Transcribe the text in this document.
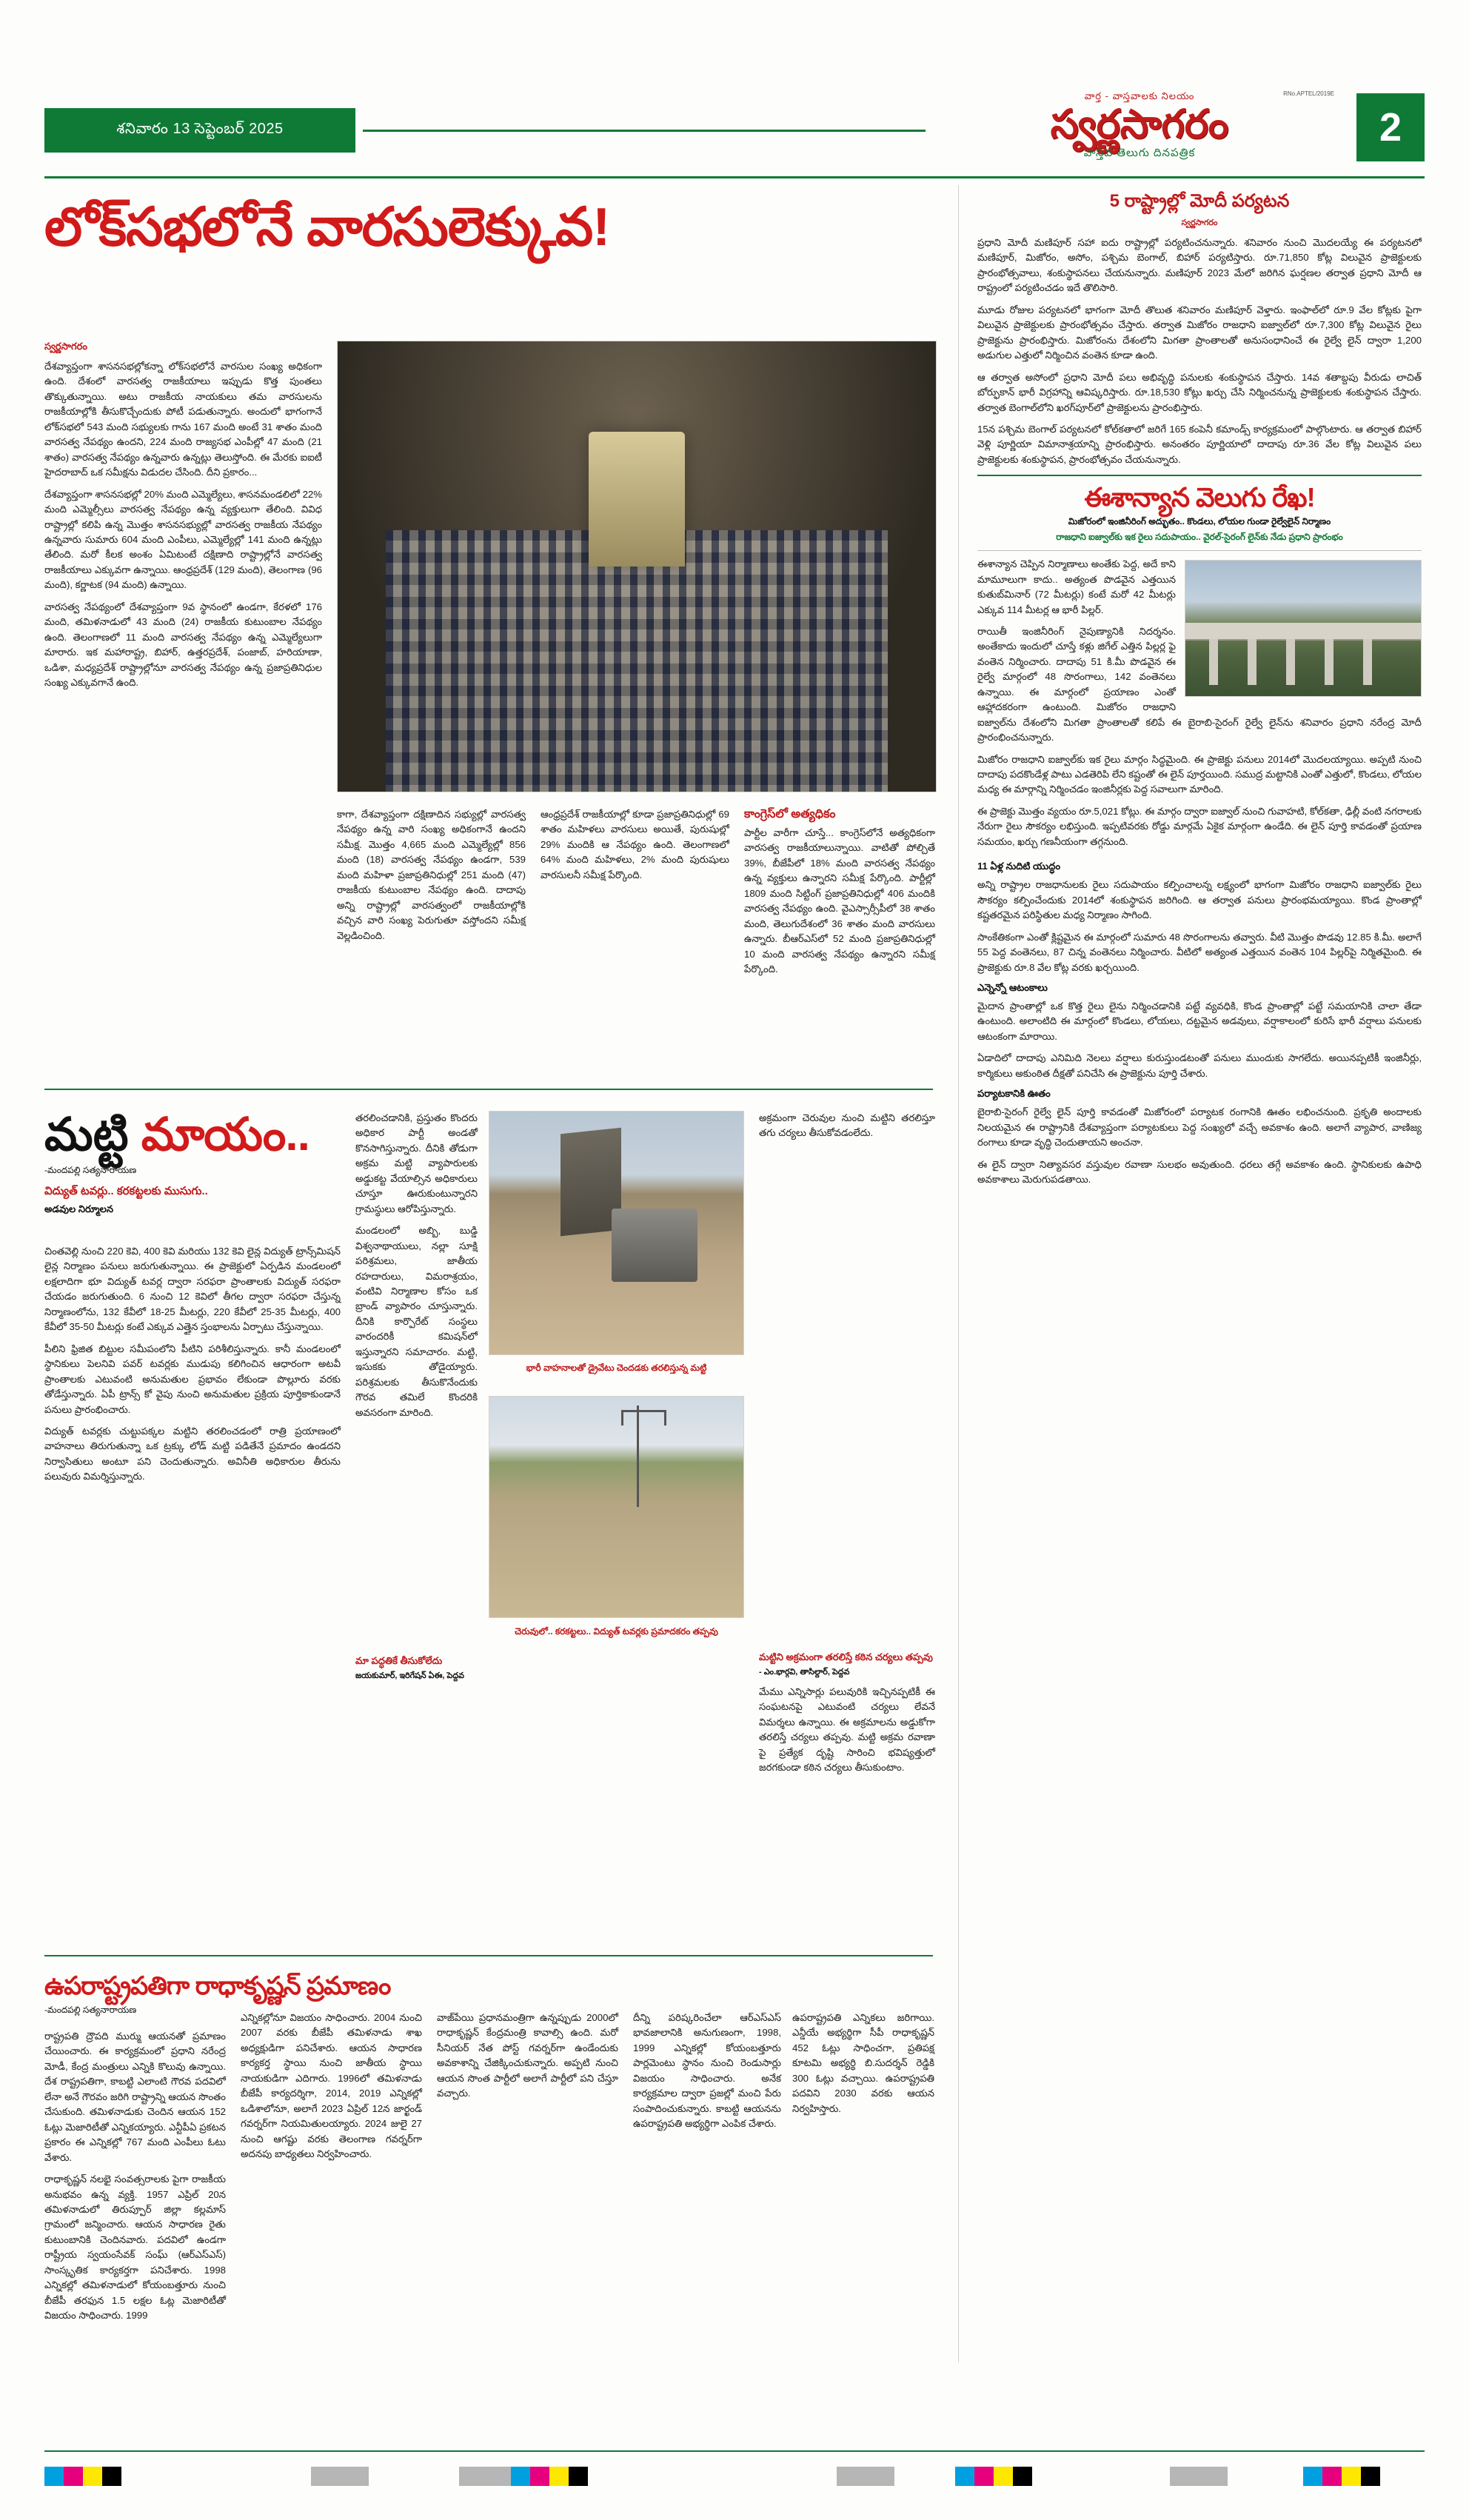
శనివారం 13 సెప్టెంబర్ 2025
RNo.APTEL/2019E
వార్త - వాస్తవాలకు నిలయం
స్వర్ణసాగరం
వాస్తవ తెలుగు దినపత్రిక
2
లోక్‌సభలోనే వారసులెక్కువ!
స్వర్ణసాగరం

దేశవ్యాప్తంగా శాసనసభల్లోకన్నా లోక్‌సభలోనే వారసుల సంఖ్య అధికంగా ఉంది. దేశంలో వారసత్వ రాజకీయాలు ఇప్పుడు కొత్త పుంతలు తొక్కుతున్నాయి. అటు రాజకీయ నాయకులు తమ వారసులను రాజకీయాల్లోకి తీసుకొచ్చేందుకు పోటీ పడుతున్నారు. అందులో భాగంగానే లోక్‌సభలో 543 మంది సభ్యులకు గాను 167 మంది అంటే 31 శాతం మంది వారసత్వ నేపథ్యం ఉందని, 224 మంది రాజ్యసభ ఎంపీల్లో 47 మంది (21 శాతం) వారసత్వ నేపథ్యం ఉన్నవారు ఉన్నట్లు తెలుస్తోంది. ఈ మేరకు ఐఐటీ హైదరాబాద్ ఒక సమీక్షను విడుదల చేసింది. దీని ప్రకారం...

దేశవ్యాప్తంగా శాసనసభల్లో 20% మంది ఎమ్మెల్యేలు, శాసనమండలిలో 22% మంది ఎమ్మెల్సీలు వారసత్వ నేపథ్యం ఉన్న వ్యక్తులుగా తేలింది. వివిధ రాష్ట్రాల్లో కలిపి ఉన్న మొత్తం శాసనసభ్యుల్లో వారసత్వ రాజకీయ నేపథ్యం ఉన్నవారు సుమారు 604 మంది ఎంపీలు, ఎమ్మెల్యేల్లో 141 మంది ఉన్నట్లు తేలింది. మరో కీలక అంశం ఏమిటంటే దక్షిణాది రాష్ట్రాల్లోనే వారసత్వ రాజకీయాలు ఎక్కువగా ఉన్నాయి. ఆంధ్రప్రదేశ్ (129 మంది), తెలంగాణ (96 మంది), కర్ణాటక (94 మంది) ఉన్నాయి.

వారసత్వ నేపథ్యంలో దేశవ్యాప్తంగా 9వ స్థానంలో ఉండగా, కేరళలో 176 మంది, తమిళనాడులో 43 మంది (24) రాజకీయ కుటుంబాల నేపథ్యం ఉంది. తెలంగాణలో 11 మంది వారసత్వ నేపథ్యం ఉన్న ఎమ్మెల్యేలుగా మారారు. ఇక మహారాష్ట్ర, బిహార్, ఉత్తరప్రదేశ్, పంజాబ్, హరియాణా, ఒడిశా, మధ్యప్రదేశ్ రాష్ట్రాల్లోనూ వారసత్వ నేపథ్యం ఉన్న ప్రజాప్రతినిధుల సంఖ్య ఎక్కువగానే ఉంది.

కాగా, దేశవ్యాప్తంగా దక్షిణాదిన సభ్యుల్లో వారసత్వ నేపథ్యం ఉన్న వారి సంఖ్య అధికంగానే ఉందని సమీక్ష. మొత్తం 4,665 మంది ఎమ్మెల్యేల్లో 856 మంది (18) వారసత్వ నేపథ్యం ఉండగా, 539 మంది మహిళా ప్రజాప్రతినిధుల్లో 251 మంది (47) రాజకీయ కుటుంబాల నేపథ్యం ఉంది. దాదాపు అన్ని రాష్ట్రాల్లో వారసత్వంలో రాజకీయాల్లోకి వచ్చిన వారి సంఖ్య పెరుగుతూ వస్తోందని సమీక్ష వెల్లడించింది.

ఆంధ్రప్రదేశ్ రాజకీయాల్లో కూడా ప్రజాప్రతినిధుల్లో 69 శాతం మహిళలు వారసులు అయితే, పురుషుల్లో 29% మందికి ఆ నేపథ్యం ఉంది. తెలంగాణలో 64% మంది మహిళలు, 2% మంది పురుషులు వారసులనీ సమీక్ష పేర్కొంది.

కాంగ్రెస్‌లో అత్యధికం

పార్టీల వారీగా చూస్తే... కాంగ్రెస్‌లోనే అత్యధికంగా వారసత్వ రాజకీయాలున్నాయి. వాటితో పోల్చితే 39%, బీజేపీలో 18% మంది వారసత్వ నేపథ్యం ఉన్న వ్యక్తులు ఉన్నారని సమీక్ష పేర్కొంది. పార్టీల్లో 1809 మంది సిట్టింగ్ ప్రజాప్రతినిధుల్లో 406 మందికి వారసత్వ నేపథ్యం ఉంది. వైఎస్సార్సీపీలో 38 శాతం మంది, తెలుగుదేశంలో 36 శాతం మంది వారసులు ఉన్నారు. బీఆర్ఎస్‌లో 52 మంది ప్రజాప్రతినిధుల్లో 10 మంది వారసత్వ నేపథ్యం ఉన్నారని సమీక్ష పేర్కొంది.

మట్టి మాయం..
-మందపల్లి సత్యనారాయణ
విద్యుత్ టవర్లు.. కరకట్టలకు ముసుగు..
అడవుల నిర్మూలన
భారీ వాహనాలతో డ్రైవేటు చెందడకు తరలిస్తున్న మట్టి
చెరువులో.. కరకట్టలు.. విద్యుత్ టవర్లకు ప్రమాదకరం తప్పవు

చింతవెల్లి నుంచి 220 కెవి, 400 కెవి మరియు 132 కెవి లైన్ల విద్యుత్ ట్రాన్స్‌మిషన్ లైన్ల నిర్మాణం పనులు జరుగుతున్నాయి. ఈ ప్రాజెక్టులో ఏర్పడిన మండలంలో లక్షలాదిగా భూ విద్యుత్ టవర్ల ద్వారా సరఫరా ప్రాంతాలకు విద్యుత్ సరఫరా చేయడం జరుగుతుంది. 6 నుంచి 12 కెవిలో తీగల ద్వారా సరఫరా చేస్తున్న నిర్మాణంలోను, 132 కేవీలో 18-25 మీటర్లు, 220 కేవీలో 25-35 మీటర్లు, 400 కేవీలో 35-50 మీటర్లు కంటే ఎక్కువ ఎత్తైన స్తంభాలను ఏర్పాటు చేస్తున్నాయి.

పీలిని ఫ్రిజిత బిట్టుల సమీపంలోని పీటిని పరిశీలిస్తున్నారు. కానీ మండలంలో స్థానికులు పెలనివి పవర్ టవర్లకు ముడుపు కలిగించిన ఆధారంగా అటవీ ప్రాంతాలకు ఎటువంటి అనుమతుల ప్రభావం లేకుండా పొల్లూరు వరకు తోడేస్తున్నారు. ఏపీ ట్రాన్స్ కో వైపు నుంచి అనుమతుల ప్రక్రియ పూర్తికాకుండానే పనులు ప్రారంభించారు.

విద్యుత్ టవర్లకు చుట్టుపక్కల మట్టిని తరలించడంలో రాత్రి ప్రయాణంలో వాహనాలు తిరుగుతున్నా ఒక ట్రక్కు లోడ్ మట్టి పడితేనే ప్రమాదం ఉండదని నిర్వాసితులు అంటూ పని చెందుతున్నారు. అవినీతి అధికారుల తీరును పలువురు విమర్శిస్తున్నారు.

తరలించడానికి, ప్రస్తుతం కొందరు అధికార పార్టీ అండతో కొనసాగిస్తున్నారు. దీనికి తోడుగా అక్రమ మట్టి వ్యాపారులకు అడ్డుకట్ట వేయాల్సిన అధికారులు చూస్తూ ఊరుకుంటున్నారని గ్రామస్థులు ఆరోపిస్తున్నారు.

మండలంలో అబ్బి, బుడ్డి విశ్వనాథాయులు, నల్లా సూక్షి పరిశ్రమలు, జాతీయ రహదారులు, విమరాశ్రయం, వంటివి నిర్మాణాల కోసం ఒక బ్రాండ్ వ్యాపారం చూస్తున్నారు. దీనికి కార్పొరేట్ సంస్థలు వారందరికీ కమిషన్‌లో ఇస్తున్నారని సమాచారం. మట్టి, ఇసుకకు తోడైయ్యారు. పరిశ్రమలకు తీసుకొనేందుకు గౌరవ తమిలే కొందరికి అవసరంగా మారింది.

అక్రమంగా చెరువుల నుంచి మట్టిని తరలిస్తూ తగు చర్యలు తీసుకోవడంలేదు.

మట్టిని అక్రమంగా తరలిస్తే కఠిన చర్యలు తప్పవు
- ఎం.భార్గవి, తాసిల్దార్, పెద్దవ

మేము ఎన్నిసార్లు పలువురికి ఇచ్చినప్పటికీ ఈ సంఘటనపై ఎటువంటి చర్యలు లేవనే విమర్శలు ఉన్నాయి. ఈ అక్రమాలను అడ్డుకోగా తరలిస్తే చర్యలు తప్పవు. మట్టి అక్రమ రవాణా పై ప్రత్యేక దృష్టి సారించి భవిష్యత్తులో జరగకుండా కఠిన చర్యలు తీసుకుంటాం.

మా పద్ధతికే తీసుకోలేదు
జయకుమార్, ఇరిగేషన్ ఏఈ, పెద్దవ
ఉపరాష్ట్రపతిగా రాధాకృష్ణన్ ప్రమాణం
-మందపల్లి సత్యనారాయణ

రాష్ట్రపతి ద్రౌపది ముర్ము ఆయనతో ప్రమాణం చేయించారు. ఈ కార్యక్రమంలో ప్రధాని నరేంద్ర మోడీ, కేంద్ర మంత్రులు ఎన్నికి కొలువు ఉన్నాయి. దేశ రాష్ట్రపతిగా, కాబట్టి ఎలాంటి గౌరవ పదవిలో లేనా అనే గౌరవం జరిగి రాష్ట్రాన్ని ఆయన సొంతం చేసుకుంది. తమిళనాడుకు చెందిన ఆయన 152 ఓట్లు మెజారిటీతో ఎన్నికయ్యారు. ఎన్టీపీఏ ప్రకటన ప్రకారం ఈ ఎన్నికల్లో 767 మంది ఎంపీలు ఓటు వేశారు.

రాధాకృష్ణన్ నలభై సంవత్సరాలకు పైగా రాజకీయ అనుభవం ఉన్న వ్యక్తి. 1957 ఎప్రిల్ 20న తమిళనాడులో తిరుప్పూర్ జిల్లా కల్లమాస్ గ్రామంలో జన్మించారు. ఆయన సాధారణ రైతు కుటుంబానికి చెందినవారు. పదవిలో ఉండగా రాష్ట్రీయ స్వయంసేవక్ సంఘ్ (ఆర్ఎస్ఎస్) సాంస్కృతిక కార్యకర్తగా పనిచేశారు. 1998 ఎన్నికల్లో తమిళనాడులో కోయంబత్తూరు నుంచి బీజేపీ తరఫున 1.5 లక్షల ఓట్ల మెజారిటీతో విజయం సాధించారు. 1999

ఎన్నికల్లోనూ విజయం సాధించారు. 2004 నుంచి 2007 వరకు బీజేపీ తమిళనాడు శాఖ అధ్యక్షుడిగా పనిచేశారు. ఆయన సాధారణ కార్యకర్త స్థాయి నుంచి జాతీయ స్థాయి నాయకుడిగా ఎదిగారు. 1996లో తమిళనాడు బీజేపీ కార్యదర్శిగా, 2014, 2019 ఎన్నికల్లో ఒడిశాలోనూ, అలాగే 2023 ఏప్రిల్ 12న జార్ఖండ్ గవర్నర్‌గా నియమితులయ్యారు. 2024 జులై 27 నుంచి ఆగష్టు వరకు తెలంగాణ గవర్నర్‌గా అదనపు బాధ్యతలు నిర్వహించారు.

వాజ్‌పేయి ప్రధానమంత్రిగా ఉన్నప్పుడు 2000లో రాధాకృష్ణన్ కేంద్రమంత్రి కావాల్సి ఉంది. మరో సీనియర్ నేత పోస్ట్ గవర్నర్‌గా ఉండేందుకు అవకాశాన్ని చేజిక్కించుకున్నారు. అప్పటి నుంచి ఆయన సొంత పార్టీలో అలాగే పార్టీలో పని చేస్తూ వచ్చారు.

దీన్ని పరిష్కరించేలా ఆర్ఎస్ఎస్ భావజాలానికి అనుగుణంగా, 1998, 1999 ఎన్నికల్లో కోయంబత్తూరు పార్లమెంటు స్థానం నుంచి రెండుసార్లు విజయం సాధించారు. అనేక కార్యక్రమాల ద్వారా ప్రజల్లో మంచి పేరు సంపాదించుకున్నారు. కాబట్టి ఆయనను ఉపరాష్ట్రపతి అభ్యర్థిగా ఎంపిక చేశారు.

ఉపరాష్ట్రపతి ఎన్నికలు జరిగాయి. ఎన్డీయే అభ్యర్థిగా సీపీ రాధాకృష్ణన్ 452 ఓట్లు సాధించగా, ప్రతిపక్ష కూటమి అభ్యర్థి బి.సుదర్శన్ రెడ్డికి 300 ఓట్లు వచ్చాయి. ఉపరాష్ట్రపతి పదవిని 2030 వరకు ఆయన నిర్వహిస్తారు.

5 రాష్ట్రాల్లో మోదీ పర్యటన
స్వర్ణసాగరం

ప్రధాని మోదీ మణిపూర్ సహా ఐదు రాష్ట్రాల్లో పర్యటించనున్నారు. శనివారం నుంచి మొదలయ్యే ఈ పర్యటనలో మణిపూర్, మిజోరం, అసోం, పశ్చిమ బెంగాల్, బిహార్ పర్యటిస్తారు. రూ.71,850 కోట్ల విలువైన ప్రాజెక్టులకు ప్రారంభోత్సవాలు, శంకుస్థాపనలు చేయనున్నారు. మణిపూర్ 2023 మేలో జరిగిన ఘర్షణల తర్వాత ప్రధాని మోదీ ఆ రాష్ట్రంలో పర్యటించడం ఇదే తొలిసారి.

మూడు రోజుల పర్యటనలో భాగంగా మోదీ తొలుత శనివారం మణిపూర్ వెళ్తారు. ఇంఫాల్‌లో రూ.9 వేల కోట్లకు పైగా విలువైన ప్రాజెక్టులకు ప్రారంభోత్సవం చేస్తారు. తర్వాత మిజోరం రాజధాని ఐజ్వాల్‌లో రూ.7,300 కోట్ల విలువైన రైలు ప్రాజెక్టును ప్రారంభిస్తారు. మిజోరంను దేశంలోని మిగతా ప్రాంతాలతో అనుసంధానించే ఈ రైల్వే లైన్ ద్వారా 1,200 అడుగుల ఎత్తులో నిర్మించిన వంతెన కూడా ఉంది.

ఆ తర్వాత అసోంలో ప్రధాని మోదీ పలు అభివృద్ధి పనులకు శంకుస్థాపన చేస్తారు. 14వ శతాబ్దపు వీరుడు లాచిత్ బోర్ఫుకాన్ భారీ విగ్రహాన్ని ఆవిష్కరిస్తారు. రూ.18,530 కోట్లు ఖర్చు చేసి నిర్మించనున్న ప్రాజెక్టులకు శంకుస్థాపన చేస్తారు. తర్వాత బెంగాల్‌లోని ఖరగ్‌పూర్‌లో ప్రాజెక్టులను ప్రారంభిస్తారు.

15న పశ్చిమ బెంగాల్ పర్యటనలో కోల్‌కతాలో జరిగే 165 కంపెనీ కమాండ్స్ కార్యక్రమంలో పాల్గొంటారు. ఆ తర్వాత బిహార్ వెళ్లి పూర్ణియా విమానాశ్రయాన్ని ప్రారంభిస్తారు. అనంతరం పూర్ణియాలో దాదాపు రూ.36 వేల కోట్ల విలువైన పలు ప్రాజెక్టులకు శంకుస్థాపన, ప్రారంభోత్సవం చేయనున్నారు.

ఈశాన్యాన వెలుగు రేఖ!
మిజోరంలో ఇంజినీరింగ్ అద్భుతం.. కొండలు, లోయల గుండా రైల్వేలైన్ నిర్మాణం
రాజధాని ఐజ్వాల్‌కు ఇక రైలు సదుపాయం.. వైరల్-సైరంగ్ లైన్‌కు నేడు ప్రధాని ప్రారంభం

ఈశాన్యాన చెప్పిన నిర్మాణాలు అంతేకు పెద్ద, అదే కాని మామూలుగా కాదు.. అత్యంత పొడవైన ఎత్తయిన కుతుబ్‌మినార్ (72 మీటర్లు) కంటే మరో 42 మీటర్లు ఎక్కువ 114 మీటర్ల ఆ భారీ పిల్లర్.

రాయితీ ఇంజినీరింగ్ నైపుణ్యానికి నిదర్శనం. అంతేకాదు ఇందులో చూస్తే కళ్లు జిగేల్ ఎత్తిన పిల్లర్ల ఫై వంతెన నిర్మించారు. దాదాపు 51 కి.మీ పొడవైన ఈ రైల్వే మార్గంలో 48 సొరంగాలు, 142 వంతెనలు ఉన్నాయి. ఈ మార్గంలో ప్రయాణం ఎంతో ఆహ్లాదకరంగా ఉంటుంది. మిజోరం రాజధాని ఐజ్వాల్‌ను దేశంలోని మిగతా ప్రాంతాలతో కలిపే ఈ బైరాబి-సైరంగ్ రైల్వే లైన్‌ను శనివారం ప్రధాని నరేంద్ర మోదీ ప్రారంభించనున్నారు.

మిజోరం రాజధాని ఐజ్వాల్‌కు ఇక రైలు మార్గం సిద్ధమైంది. ఈ ప్రాజెక్టు పనులు 2014లో మొదలయ్యాయి. అప్పటి నుంచి దాదాపు పదకొండేళ్ల పాటు ఎడతెరిపి లేని కష్టంతో ఈ లైన్ పూర్తయింది. సముద్ర మట్టానికి ఎంతో ఎత్తులో, కొండలు, లోయల మధ్య ఈ మార్గాన్ని నిర్మించడం ఇంజినీర్లకు పెద్ద సవాలుగా మారింది.

ఈ ప్రాజెక్టు మొత్తం వ్యయం రూ.5,021 కోట్లు. ఈ మార్గం ద్వారా ఐజ్వాల్ నుంచి గువాహటి, కోల్‌కతా, ఢిల్లీ వంటి నగరాలకు నేరుగా రైలు సౌకర్యం లభిస్తుంది. ఇప్పటివరకు రోడ్డు మార్గమే ఏకైక మార్గంగా ఉండేది. ఈ లైన్ పూర్తి కావడంతో ప్రయాణ సమయం, ఖర్చు గణనీయంగా తగ్గనుంది.

11 ఏళ్ల నుదిటి యుద్ధం

అన్ని రాష్ట్రాల రాజధానులకు రైలు సదుపాయం కల్పించాలన్న లక్ష్యంలో భాగంగా మిజోరం రాజధాని ఐజ్వాల్‌కు రైలు సౌకర్యం కల్పించేందుకు 2014లో శంకుస్థాపన జరిగింది. ఆ తర్వాత పనులు ప్రారంభమయ్యాయి. కొండ ప్రాంతాల్లో కష్టతరమైన పరిస్థితుల మధ్య నిర్మాణం సాగింది.

సాంకేతికంగా ఎంతో క్లిష్టమైన ఈ మార్గంలో సుమారు 48 సొరంగాలను తవ్వారు. వీటి మొత్తం పొడవు 12.85 కి.మీ. అలాగే 55 పెద్ద వంతెనలు, 87 చిన్న వంతెనలు నిర్మించారు. వీటిలో అత్యంత ఎత్తయిన వంతెన 104 పిల్లర్‌పై నిర్మితమైంది. ఈ ప్రాజెక్టుకు రూ.8 వేల కోట్ల వరకు ఖర్చయింది.

ఎన్నెన్నో ఆటంకాలు

మైదాన ప్రాంతాల్లో ఒక కొత్త రైలు లైను నిర్మించడానికి పట్టే వ్యవధికి, కొండ ప్రాంతాల్లో పట్టే సమయానికి చాలా తేడా ఉంటుంది. అలాంటిది ఈ మార్గంలో కొండలు, లోయలు, దట్టమైన అడవులు, వర్షాకాలంలో కురిసే భారీ వర్షాలు పనులకు ఆటంకంగా మారాయి.

ఏడాదిలో దాదాపు ఎనిమిది నెలలు వర్షాలు కురుస్తుండటంతో పనులు ముందుకు సాగలేదు. అయినప్పటికీ ఇంజినీర్లు, కార్మికులు అకుంఠిత దీక్షతో పనిచేసి ఈ ప్రాజెక్టును పూర్తి చేశారు.

పర్యాటకానికి ఊతం

బైరాబి-సైరంగ్ రైల్వే లైన్ పూర్తి కావడంతో మిజోరంలో పర్యాటక రంగానికి ఊతం లభించనుంది. ప్రకృతి అందాలకు నిలయమైన ఈ రాష్ట్రానికి దేశవ్యాప్తంగా పర్యాటకులు పెద్ద సంఖ్యలో వచ్చే అవకాశం ఉంది. అలాగే వ్యాపార, వాణిజ్య రంగాలు కూడా వృద్ధి చెందుతాయని అంచనా.

ఈ లైన్ ద్వారా నిత్యావసర వస్తువుల రవాణా సులభం అవుతుంది. ధరలు తగ్గే అవకాశం ఉంది. స్థానికులకు ఉపాధి అవకాశాలు మెరుగుపడతాయి.
